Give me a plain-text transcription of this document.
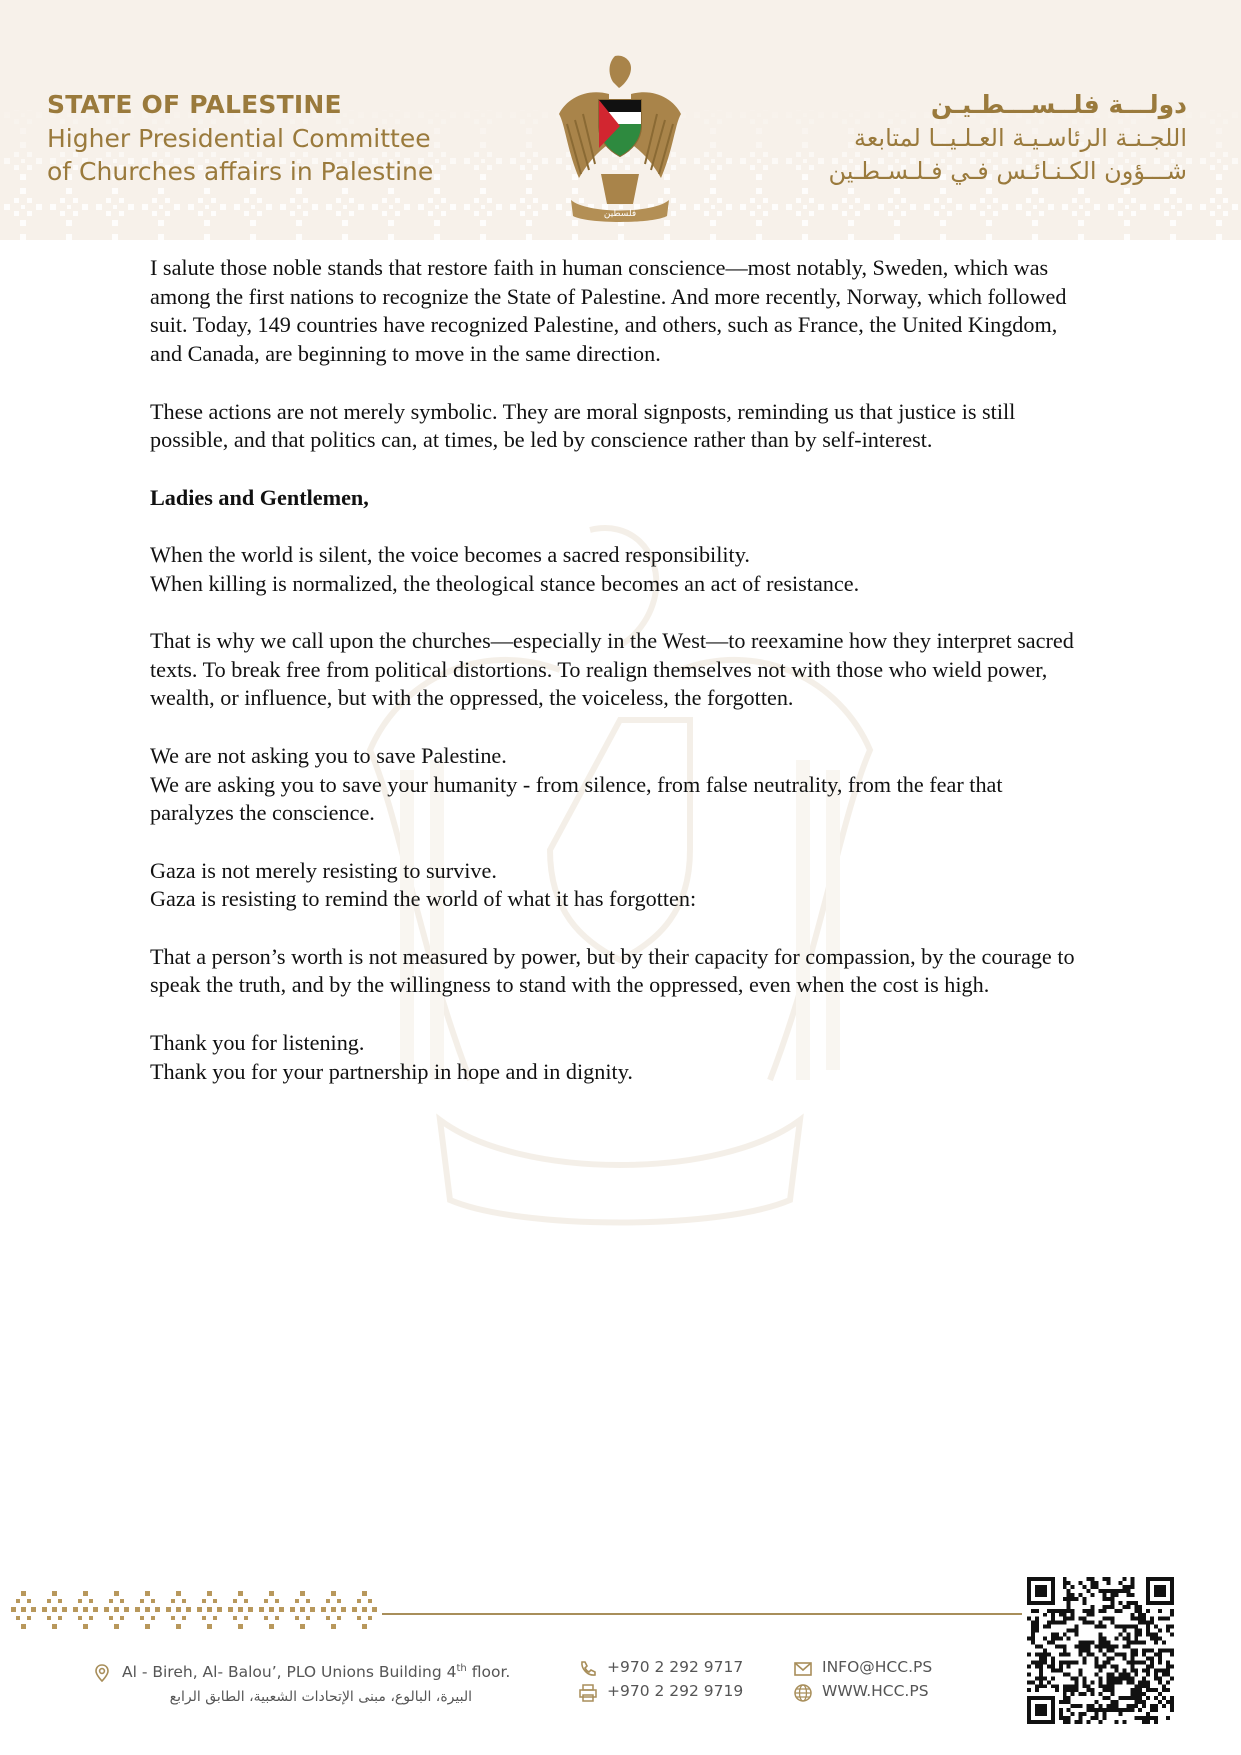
STATE OF PALESTINE
Higher Presidential Committee
of Churches affairs in Palestine
فلسطين
دولـــة فلــســـطـيـن
اللجـنـة الرئاسـيـة العـلـيــا لمتابعة
شـــؤون الكـنـائـس فـي فـلـسـطـين

I salute those noble stands that restore faith in human conscience—most notably, Sweden, which was among the first nations to recognize the State of Palestine. And more recently, Norway, which followed suit. Today, 149 countries have recognized Palestine, and others, such as France, the United Kingdom, and Canada, are beginning to move in the same direction.

These actions are not merely symbolic. They are moral signposts, reminding us that justice is still possible, and that politics can, at times, be led by conscience rather than by self-interest.

Ladies and Gentlemen,

When the world is silent, the voice becomes a sacred responsibility.
When killing is normalized, the theological stance becomes an act of resistance.

That is why we call upon the churches—especially in the West—to reexamine how they interpret sacred texts. To break free from political distortions. To realign themselves not with those who wield power, wealth, or influence, but with the oppressed, the voiceless, the forgotten.

We are not asking you to save Palestine.
We are asking you to save your humanity - from silence, from false neutrality, from the fear that paralyzes the conscience.

Gaza is not merely resisting to survive.
Gaza is resisting to remind the world of what it has forgotten:

That a person’s worth is not measured by power, but by their capacity for compassion, by the courage to speak the truth, and by the willingness to stand with the oppressed, even when the cost is high.

Thank you for listening.
Thank you for your partnership in hope and in dignity.

Al - Bireh, Al- Balou’, PLO Unions Building 4th floor.
البيرة، البالوع، مبنى الإتحادات الشعبية، الطابق الرابع
+970 2 292 9717
+970 2 292 9719
INFO@HCC.PS
WWW.HCC.PS
